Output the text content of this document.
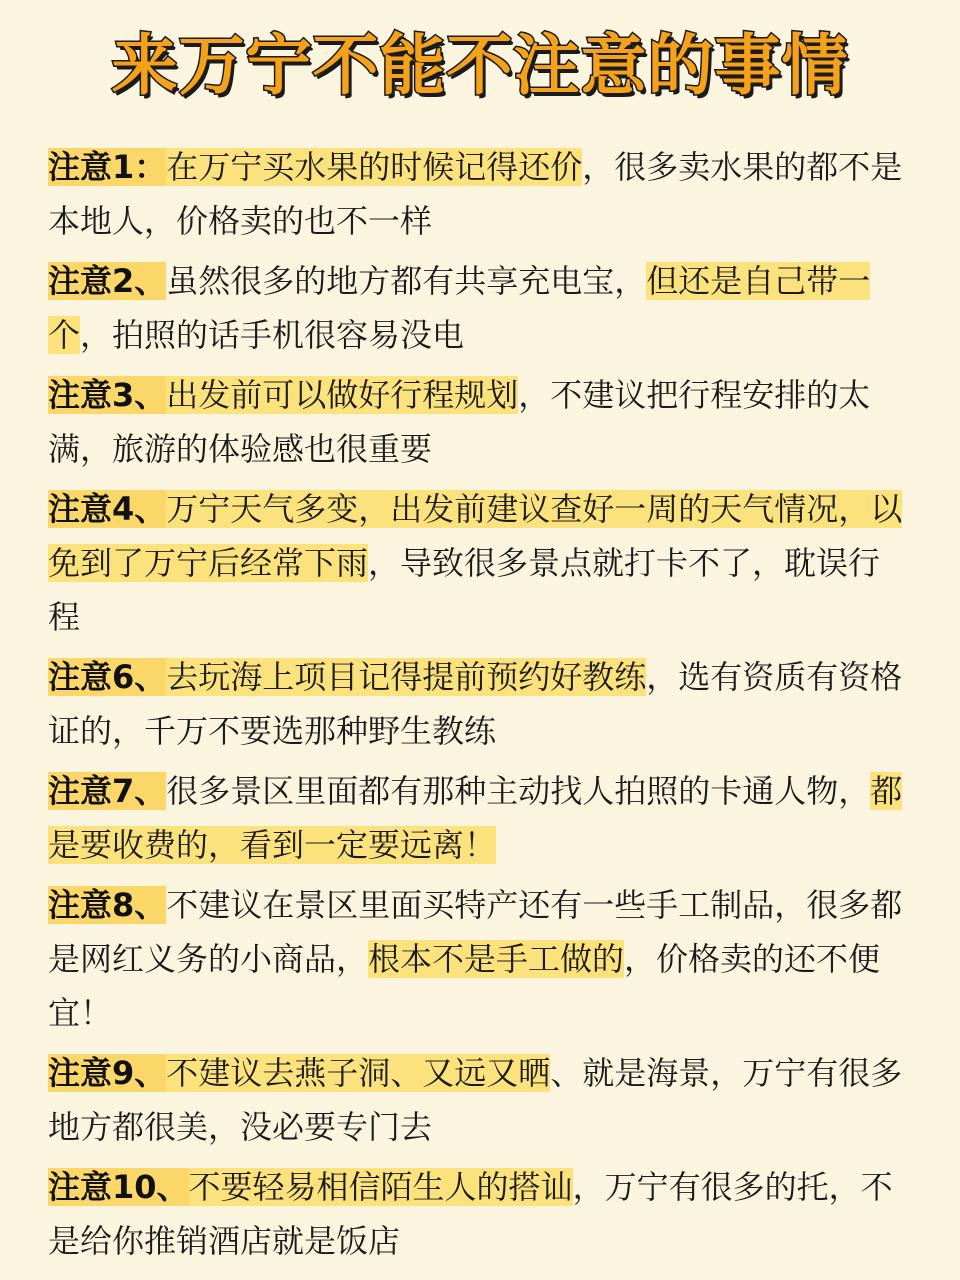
来万宁不能不注意的事情
注意1：在万宁买水果的时候记得还价，很多卖水果的都不是本地人，价格卖的也不一样
注意2、虽然很多的地方都有共享充电宝，但还是自己带一个，拍照的话手机很容易没电
注意3、出发前可以做好行程规划，不建议把行程安排的太满，旅游的体验感也很重要
注意4、万宁天气多变，出发前建议查好一周的天气情况，以免到了万宁后经常下雨，导致很多景点就打卡不了，耽误行程
注意6、去玩海上项目记得提前预约好教练，选有资质有资格证的，千万不要选那种野生教练
注意7、很多景区里面都有那种主动找人拍照的卡通人物，都是要收费的，看到一定要远离！
注意8、不建议在景区里面买特产还有一些手工制品，很多都是网红义务的小商品，根本不是手工做的，价格卖的还不便宜！
注意9、不建议去燕子洞、又远又晒、就是海景，万宁有很多地方都很美，没必要专门去
注意10、不要轻易相信陌生人的搭讪，万宁有很多的托，不是给你推销酒店就是饭店
